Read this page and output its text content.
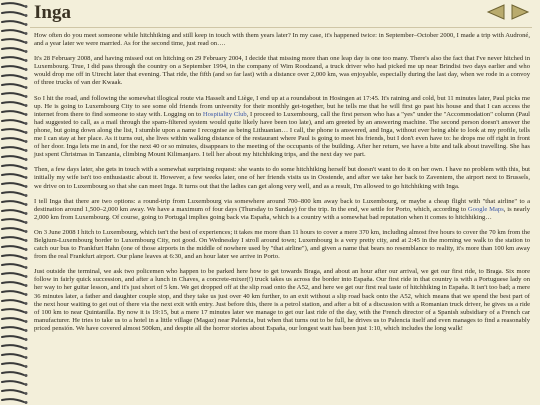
Inga

How often do you meet someone while hitchhiking and still keep in touch with them years later? In my case, it's happened twice: in September–October 2000, I made a trip with Audroné, and a year later we were married. As for the second time, just read on….

It's 28 February 2008, and having missed out on hitching on 29 February 2004, I decide that missing more than one leap day is one too many. There's also the fact that I've never hitched in Luxembourg. True, I did pass through the country on a September 1994, in the company of Wim Roodzand, a truck driver who had picked me up near Brindisi two days earlier and who would drop me off in Utrecht later that evening. That ride, the fifth (and so far last) with a distance over 2,000 km, was enjoyable, especially during the last day, when we rode in a convoy of three trucks of van der Kwaak.

So I hit the road, and following the somewhat illogical route via Hasselt and Liège, I end up at a roundabout in Hosingen at 17:45. It's raining and cold, but 11 minutes later, Paul picks me up. He is going to Luxembourg City to see some old friends from university for their monthly get-together, but he tells me that he will first go past his house and that I can access the internet from there to find someone to stay with. Logging on to Hospitality Club, I proceed to Luxembourg, call the first person who has a "yes" under the "Accommodation" column (Paul had suggested to call, as a mail through the spam-filtered system would quite likely have been too late), and am greeted by an answering machine. The second person doesn't answer the phone, but going down along the list, I stumble upon a name I recognise as being Lithuanian… I call, the phone is answered, and Inga, without ever being able to look at my profile, tells me I can stay at her place. As it turns out, she lives within walking distance of the restaurant where Paul is going to meet his friends, but I don't even have to: he drops me off right in front of her door. Inga lets me in and, for the next 40 or so minutes, disappears to the meeting of the occupants of the building. After her return, we have a bite and talk about travelling. She has just spent Christmas in Tanzania, climbing Mount Kilimanjaro. I tell her about my hitchhiking trips, and the next day we part.

Then, a few days later, she gets in touch with a somewhat surprising request: she wants to do some hitchhiking herself but doesn't want to do it on her own. I have no problem with this, but initially my wife isn't too enthusiastic about it. However, a few weeks later, one of her friends visits us in Oostende, and after we take her back to Zaventem, the airport next to Brussels, we drive on to Luxembourg so that she can meet Inga. It turns out that the ladies can get along very well, and as a result, I'm allowed to go hitchhiking with Inga.

I tell Inga that there are two options: a round-trip from Luxembourg via somewhere around 700–800 km away back to Luxembourg, or maybe a cheap flight with "that airline" to a destination around 1,500–2,000 km away. We have a maximum of four days (Thursday to Sunday) for the trip. In the end, we settle for Porto, which, according to Google Maps, is nearly 2,000 km from Luxembourg. Of course, going to Portugal implies going back via España, which is a country with a somewhat bad reputation when it comes to hitchhiking…

On 3 June 2008 I hitch to Luxembourg, which isn't the best of experiences; it takes me more than 11 hours to cover a mere 370 km, including almost five hours to cover the 70 km from the Belgium-Luxembourg border to Luxembourg City, not good. On Wednesday I stroll around town; Luxembourg is a very pretty city, and at 2:45 in the morning we walk to the station to catch our bus to Frankfurt Hahn (one of those airports in the middle of nowhere used by "that airline"), and given a name that bears no resemblance to reality, it's more than 100 km away from the real Frankfurt airport. Our plane leaves at 6:30, and an hour later we arrive in Porto.

Just outside the terminal, we ask two policemen who happen to be parked here how to get towards Braga, and about an hour after our arrival, we get our first ride, to Braga. Six more follow in fairly quick succession, and after a lunch in Chaves, a concrete-mixer(!) truck takes us across the border into España. Our first ride in that country is with a Portuguese lady on her way to her guitar lesson, and it's just short of 5 km. We get dropped off at the slip road onto the A52, and here we get our first real taste of hitchhiking in España. It isn't too bad; a mere 36 minutes later, a father and daughter couple stop, and they take us just over 40 km further, to an exit without a slip road back onto the A52, which means that we spend the best part of the next hour waiting to get out of there via the next exit with entry. Just before this, there is a petrol station, and after a bit of a discussion with a Romanian truck driver, he gives us a ride of 100 km to near Quintanilla. By now it is 19:15, but a mere 17 minutes later we manage to get our last ride of the day, with the French director of a Spanish subsidiary of a French car manufacturer. He tries to take us to a hotel in a little village (Magaz) near Palencia, but when that turns out to be full, he drives us to Palencia itself and even manages to find a reasonably priced pensión. We have covered almost 500km, and despite all the horror stories about España, our longest wait has been just 1:10, which includes the long walk!
